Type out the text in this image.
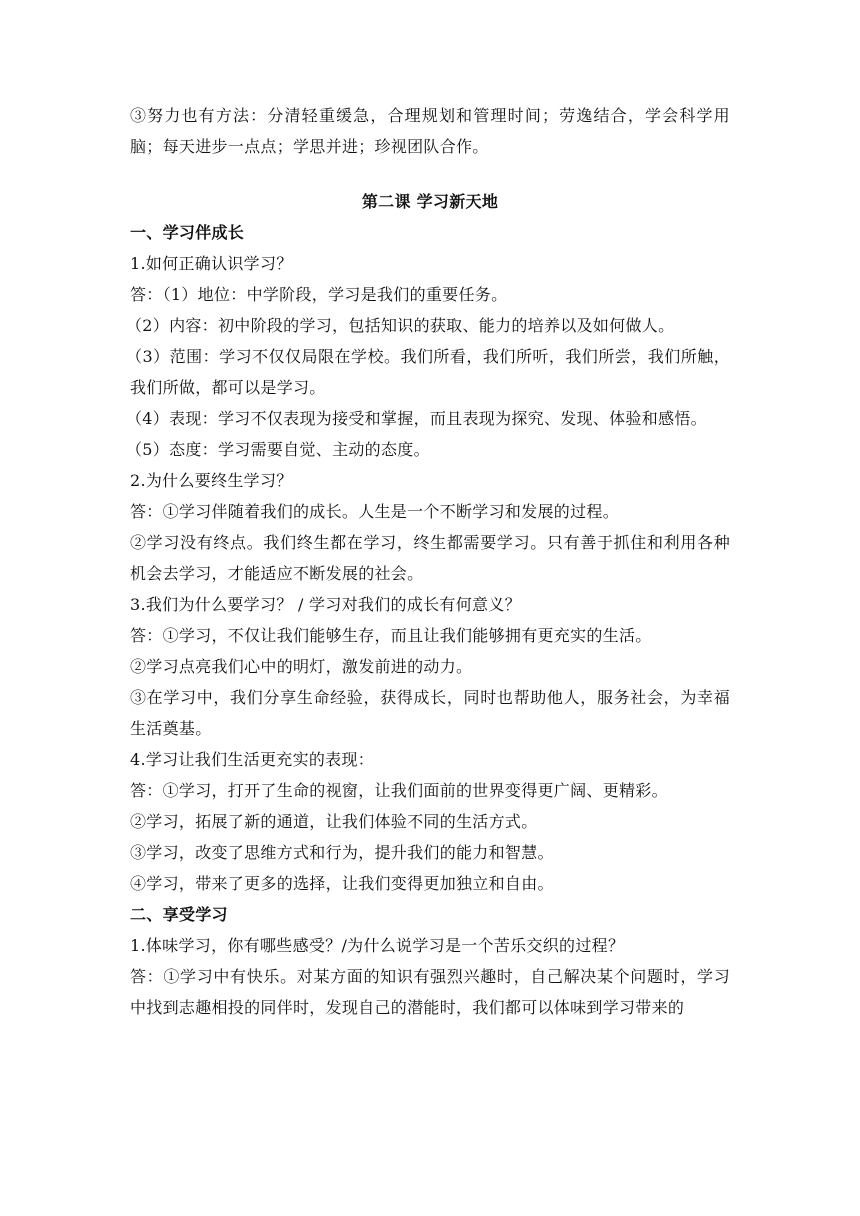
③努力也有方法：分清轻重缓急，合理规划和管理时间；劳逸结合，学会科学用脑；每天进步一点点；学思并进；珍视团队合作。

第二课 学习新天地

一、学习伴成长

1.如何正确认识学习？

答：（1）地位：中学阶段，学习是我们的重要任务。

（2）内容：初中阶段的学习，包括知识的获取、能力的培养以及如何做人。

（3）范围：学习不仅仅局限在学校。我们所看，我们所听，我们所尝，我们所触，我们所做，都可以是学习。

（4）表现：学习不仅表现为接受和掌握，而且表现为探究、发现、体验和感悟。

（5）态度：学习需要自觉、主动的态度。

2.为什么要终生学习？

答：①学习伴随着我们的成长。人生是一个不断学习和发展的过程。

②学习没有终点。我们终生都在学习，终生都需要学习。只有善于抓住和利用各种机会去学习，才能适应不断发展的社会。

3.我们为什么要学习？ / 学习对我们的成长有何意义？

答：①学习，不仅让我们能够生存，而且让我们能够拥有更充实的生活。

②学习点亮我们心中的明灯，激发前进的动力。

③在学习中，我们分享生命经验，获得成长，同时也帮助他人，服务社会，为幸福生活奠基。

4.学习让我们生活更充实的表现：

答：①学习，打开了生命的视窗，让我们面前的世界变得更广阔、更精彩。

②学习，拓展了新的通道，让我们体验不同的生活方式。

③学习，改变了思维方式和行为，提升我们的能力和智慧。

④学习，带来了更多的选择，让我们变得更加独立和自由。

二、享受学习

1.体味学习，你有哪些感受？/为什么说学习是一个苦乐交织的过程？

答：①学习中有快乐。对某方面的知识有强烈兴趣时，自己解决某个问题时，学习中找到志趣相投的同伴时，发现自己的潜能时，我们都可以体味到学习带来的
